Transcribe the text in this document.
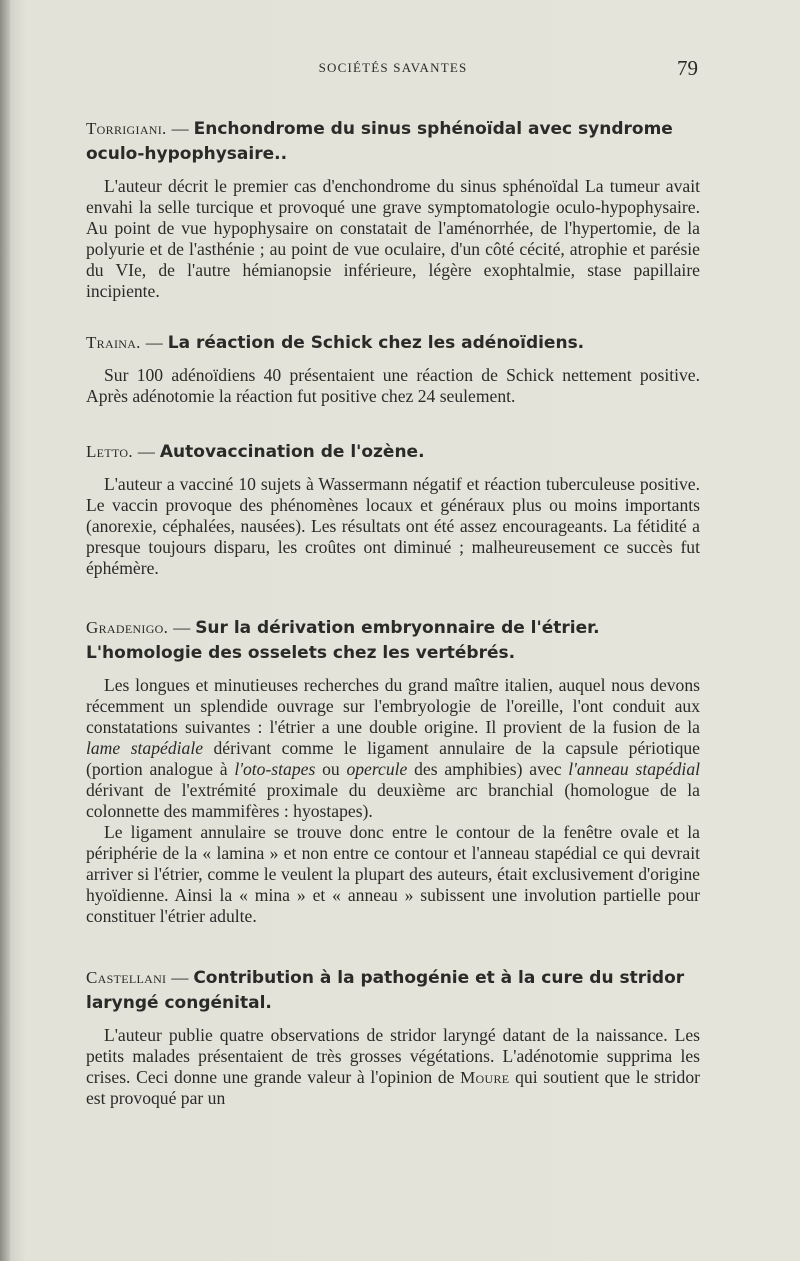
SOCIÉTÉS SAVANTES	79

Torrigiani. — Enchondrome du sinus sphénoïdal avec syndrome oculo-hypophysaire..

L'auteur décrit le premier cas d'enchondrome du sinus sphénoïdal La tumeur avait envahi la selle turcique et provoqué une grave symptomatologie oculo-hypophysaire. Au point de vue hypophysaire on constatait de l'aménorrhée, de l'hypertomie, de la polyurie et de l'asthénie ; au point de vue oculaire, d'un côté cécité, atrophie et parésie du VIe, de l'autre hémianopsie inférieure, légère exophtalmie, stase papillaire incipiente.

Traina. — La réaction de Schick chez les adénoïdiens.

Sur 100 adénoïdiens 40 présentaient une réaction de Schick nettement positive. Après adénotomie la réaction fut positive chez 24 seulement.

Letto. — Autovaccination de l'ozène.

L'auteur a vacciné 10 sujets à Wassermann négatif et réaction tuberculeuse positive. Le vaccin provoque des phénomènes locaux et généraux plus ou moins importants (anorexie, céphalées, nausées). Les résultats ont été assez encourageants. La fétidité a presque toujours disparu, les croûtes ont diminué ; malheureusement ce succès fut éphémère.

Gradenigo. — Sur la dérivation embryonnaire de l'étrier. L'homologie des osselets chez les vertébrés.

Les longues et minutieuses recherches du grand maître italien, auquel nous devons récemment un splendide ouvrage sur l'embryologie de l'oreille, l'ont conduit aux constatations suivantes : l'étrier a une double origine. Il provient de la fusion de la lame stapédiale dérivant comme le ligament annulaire de la capsule périotique (portion analogue à l'oto-stapes ou opercule des amphibies) avec l'anneau stapédial dérivant de l'extrémité proximale du deuxième arc branchial (homologue de la colonnette des mammifères : hyostapes).

Le ligament annulaire se trouve donc entre le contour de la fenêtre ovale et la périphérie de la « lamina » et non entre ce contour et l'anneau stapédial ce qui devrait arriver si l'étrier, comme le veulent la plupart des auteurs, était exclusivement d'origine hyoïdienne. Ainsi la « mina » et « anneau » subissent une involution partielle pour constituer l'étrier adulte.

Castellani — Contribution à la pathogénie et à la cure du stridor laryngé congénital.

L'auteur publie quatre observations de stridor laryngé datant de la naissance. Les petits malades présentaient de très grosses végétations. L'adénotomie supprima les crises. Ceci donne une grande valeur à l'opinion de Moure qui soutient que le stridor est provoqué par un
